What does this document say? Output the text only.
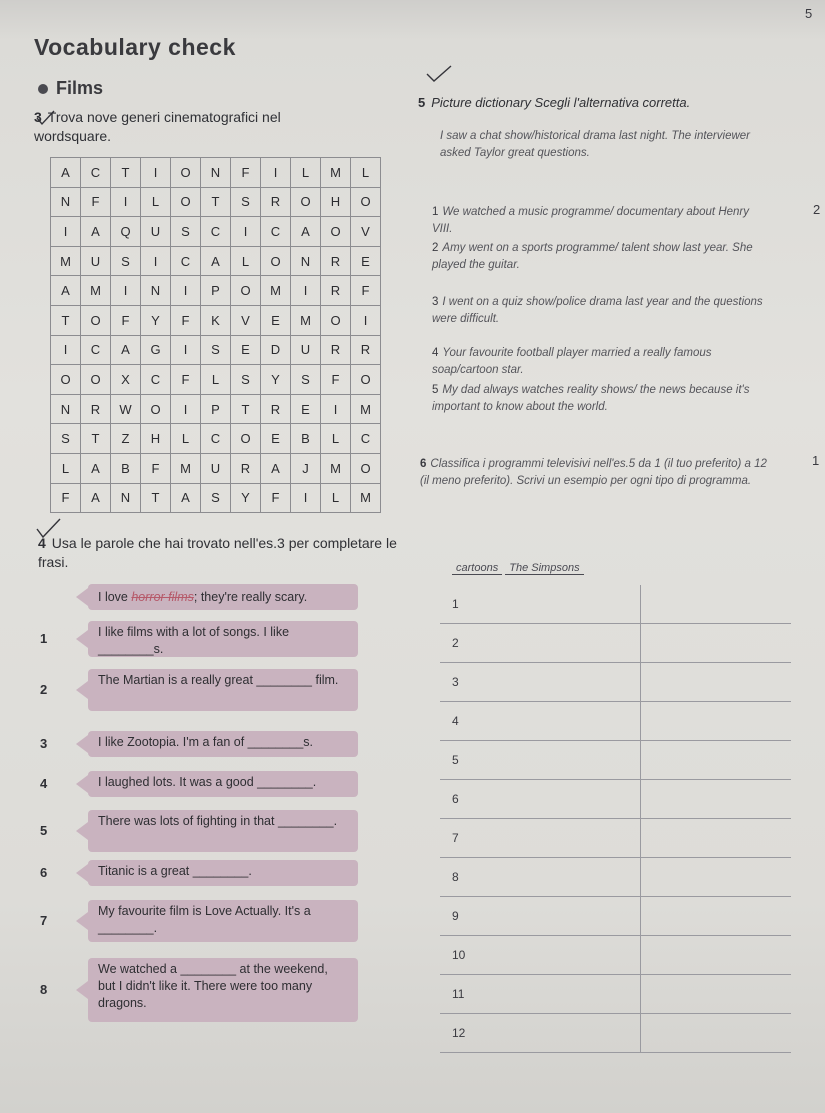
5
2
1
Vocabulary check
Films
3 Trova nove generi cinematografici nel wordsquare.
A	C	T	I	O	N	F	I	L	M	L
N	F	I	L	O	T	S	R	O	H	O
I	A	Q	U	S	C	I	C	A	O	V
M	U	S	I	C	A	L	O	N	R	E
A	M	I	N	I	P	O	M	I	R	F
T	O	F	Y	F	K	V	E	M	O	I
I	C	A	G	I	S	E	D	U	R	R
O	O	X	C	F	L	S	Y	S	F	O
N	R	W	O	I	P	T	R	E	I	M
S	T	Z	H	L	C	O	E	B	L	C
L	A	B	F	M	U	R	A	J	M	O
F	A	N	T	A	S	Y	F	I	L	M
4 Usa le parole che hai trovato nell'es.3 per completare le frasi.
I love horror films; they're really scary.
1	I like films with a lot of songs. I like ________s.
2
The Martian is a really great ________ film.
3	I like Zootopia. I'm a fan of ________s.
4	I laughed lots. It was a good ________.
5
There was lots of fighting in that ________.
6	Titanic is a great ________.
7
My favourite film is Love Actually. It's a ________.
8
We watched a ________ at the weekend, but I didn't like it. There were too many dragons.
5 Picture dictionary Scegli l'alternativa corretta.
I saw a chat show/historical drama last night. The interviewer asked Taylor great questions.
1 We watched a music programme/ documentary about Henry VIII.
2 Amy went on a sports programme/ talent show last year. She played the guitar.
3 I went on a quiz show/police drama last year and the questions were difficult.
4 Your favourite football player married a really famous soap/cartoon star.
5 My dad always watches reality shows/ the news because it's important to know about the world.
6 Classifica i programmi televisivi nell'es.5 da 1 (il tuo preferito) a 12 (il meno preferito). Scrivi un esempio per ogni tipo di programma.
cartoons The Simpsons
1	
2	
3	
4	
5	
6	
7	
8	
9	
10	
11	
12	
